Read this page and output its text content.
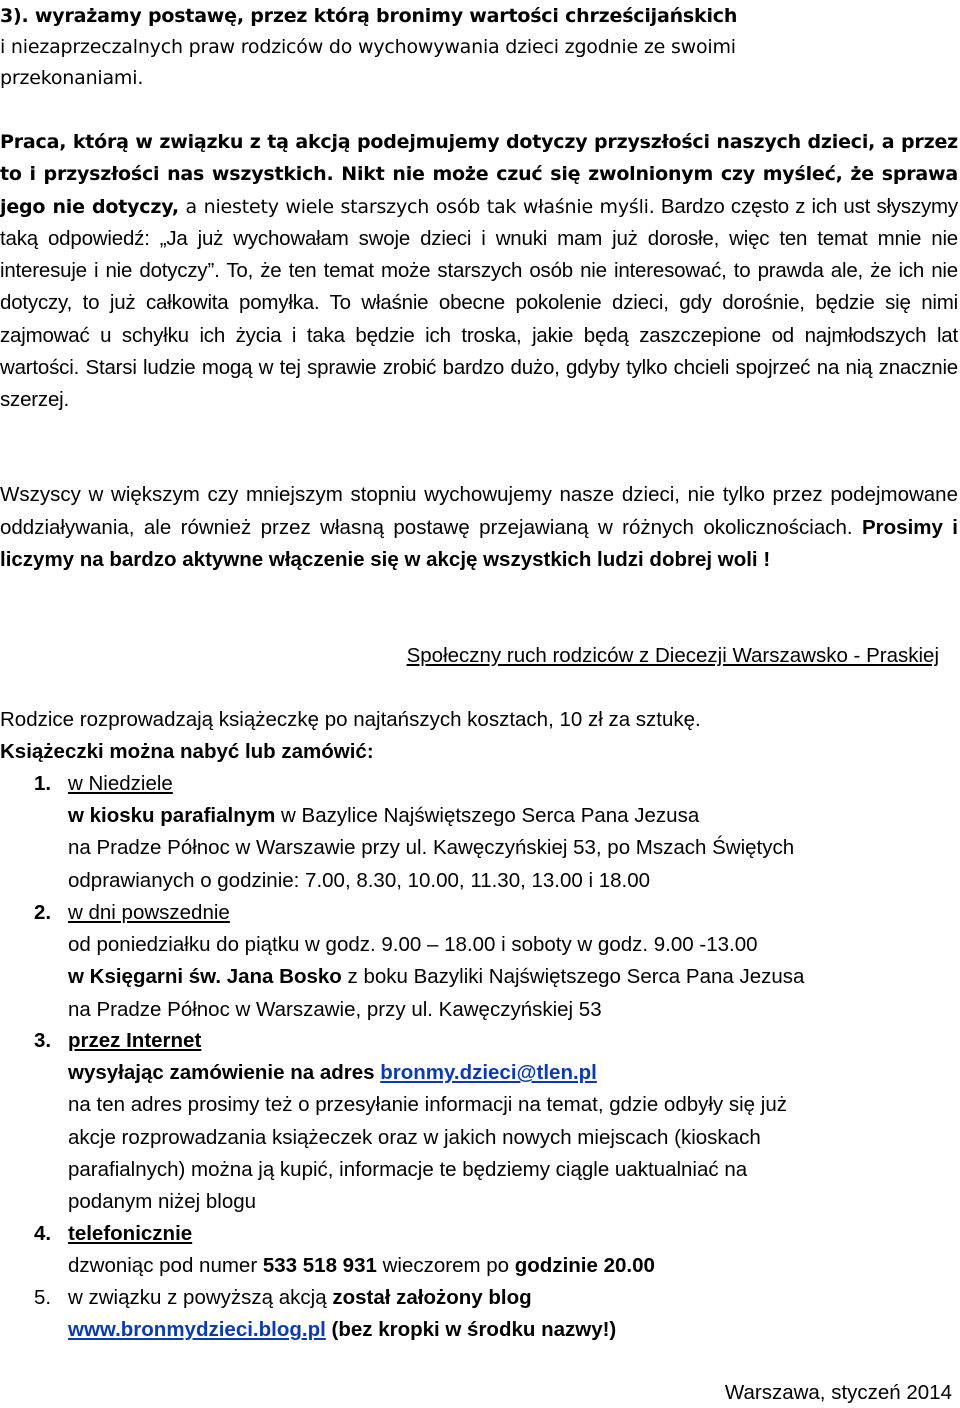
3). wyrażamy postawę, przez którą bronimy wartości chrześcijańskich
i niezaprzeczalnych praw rodziców do wychowywania dzieci zgodnie ze swoimi
przekonaniami.

Praca, którą w związku z tą akcją podejmujemy dotyczy przyszłości naszych dzieci, a przez to i przyszłości nas wszystkich. Nikt nie może czuć się zwolnionym czy myśleć, że sprawa jego nie dotyczy, a niestety wiele starszych osób tak właśnie myśli. Bardzo często z ich ust słyszymy taką odpowiedź: „Ja już wychowałam swoje dzieci i wnuki mam już dorosłe, więc ten temat mnie nie interesuje i nie dotyczy”. To, że ten temat może starszych osób nie interesować, to prawda ale, że ich nie dotyczy, to już całkowita pomyłka. To właśnie obecne pokolenie dzieci, gdy dorośnie, będzie się nimi zajmować u schyłku ich życia i taka będzie ich troska, jakie będą zaszczepione od najmłodszych lat wartości. Starsi ludzie mogą w tej sprawie zrobić bardzo dużo, gdyby tylko chcieli spojrzeć na nią znacznie szerzej.

Wszyscy w większym czy mniejszym stopniu wychowujemy nasze dzieci, nie tylko przez podejmowane oddziaływania, ale również przez własną postawę przejawianą w różnych okolicznościach. Prosimy i liczymy na bardzo aktywne włączenie się w akcję wszystkich ludzi dobrej woli !

Społeczny ruch rodziców z Diecezji Warszawsko - Praskiej
Rodzice rozprowadzają książeczkę po najtańszych kosztach, 10 zł za sztukę.
Książeczki można nabyć lub zamówić:
1. w Niedziele
w kiosku parafialnym w Bazylice Najświętszego Serca Pana Jezusa
na Pradze Północ w Warszawie przy ul. Kawęczyńskiej 53, po Mszach Świętych
odprawianych o godzinie: 7.00, 8.30, 10.00, 11.30, 13.00 i 18.00
2. w dni powszednie
od poniedziałku do piątku w godz. 9.00 – 18.00 i soboty w godz. 9.00 -13.00
w Księgarni św. Jana Bosko z boku Bazyliki Najświętszego Serca Pana Jezusa
na Pradze Północ w Warszawie, przy ul. Kawęczyńskiej 53
3. przez Internet
wysyłając zamówienie na adres bronmy.dzieci@tlen.pl
na ten adres prosimy też o przesyłanie informacji na temat, gdzie odbyły się już
akcje rozprowadzania książeczek oraz w jakich nowych miejscach (kioskach
parafialnych) można ją kupić, informacje te będziemy ciągle uaktualniać na
podanym niżej blogu
4. telefonicznie
dzwoniąc pod numer 533 518 931 wieczorem po godzinie 20.00
5. w związku z powyższą akcją został założony blog
www.bronmydzieci.blog.pl (bez kropki w środku nazwy!)
Warszawa, styczeń 2014
